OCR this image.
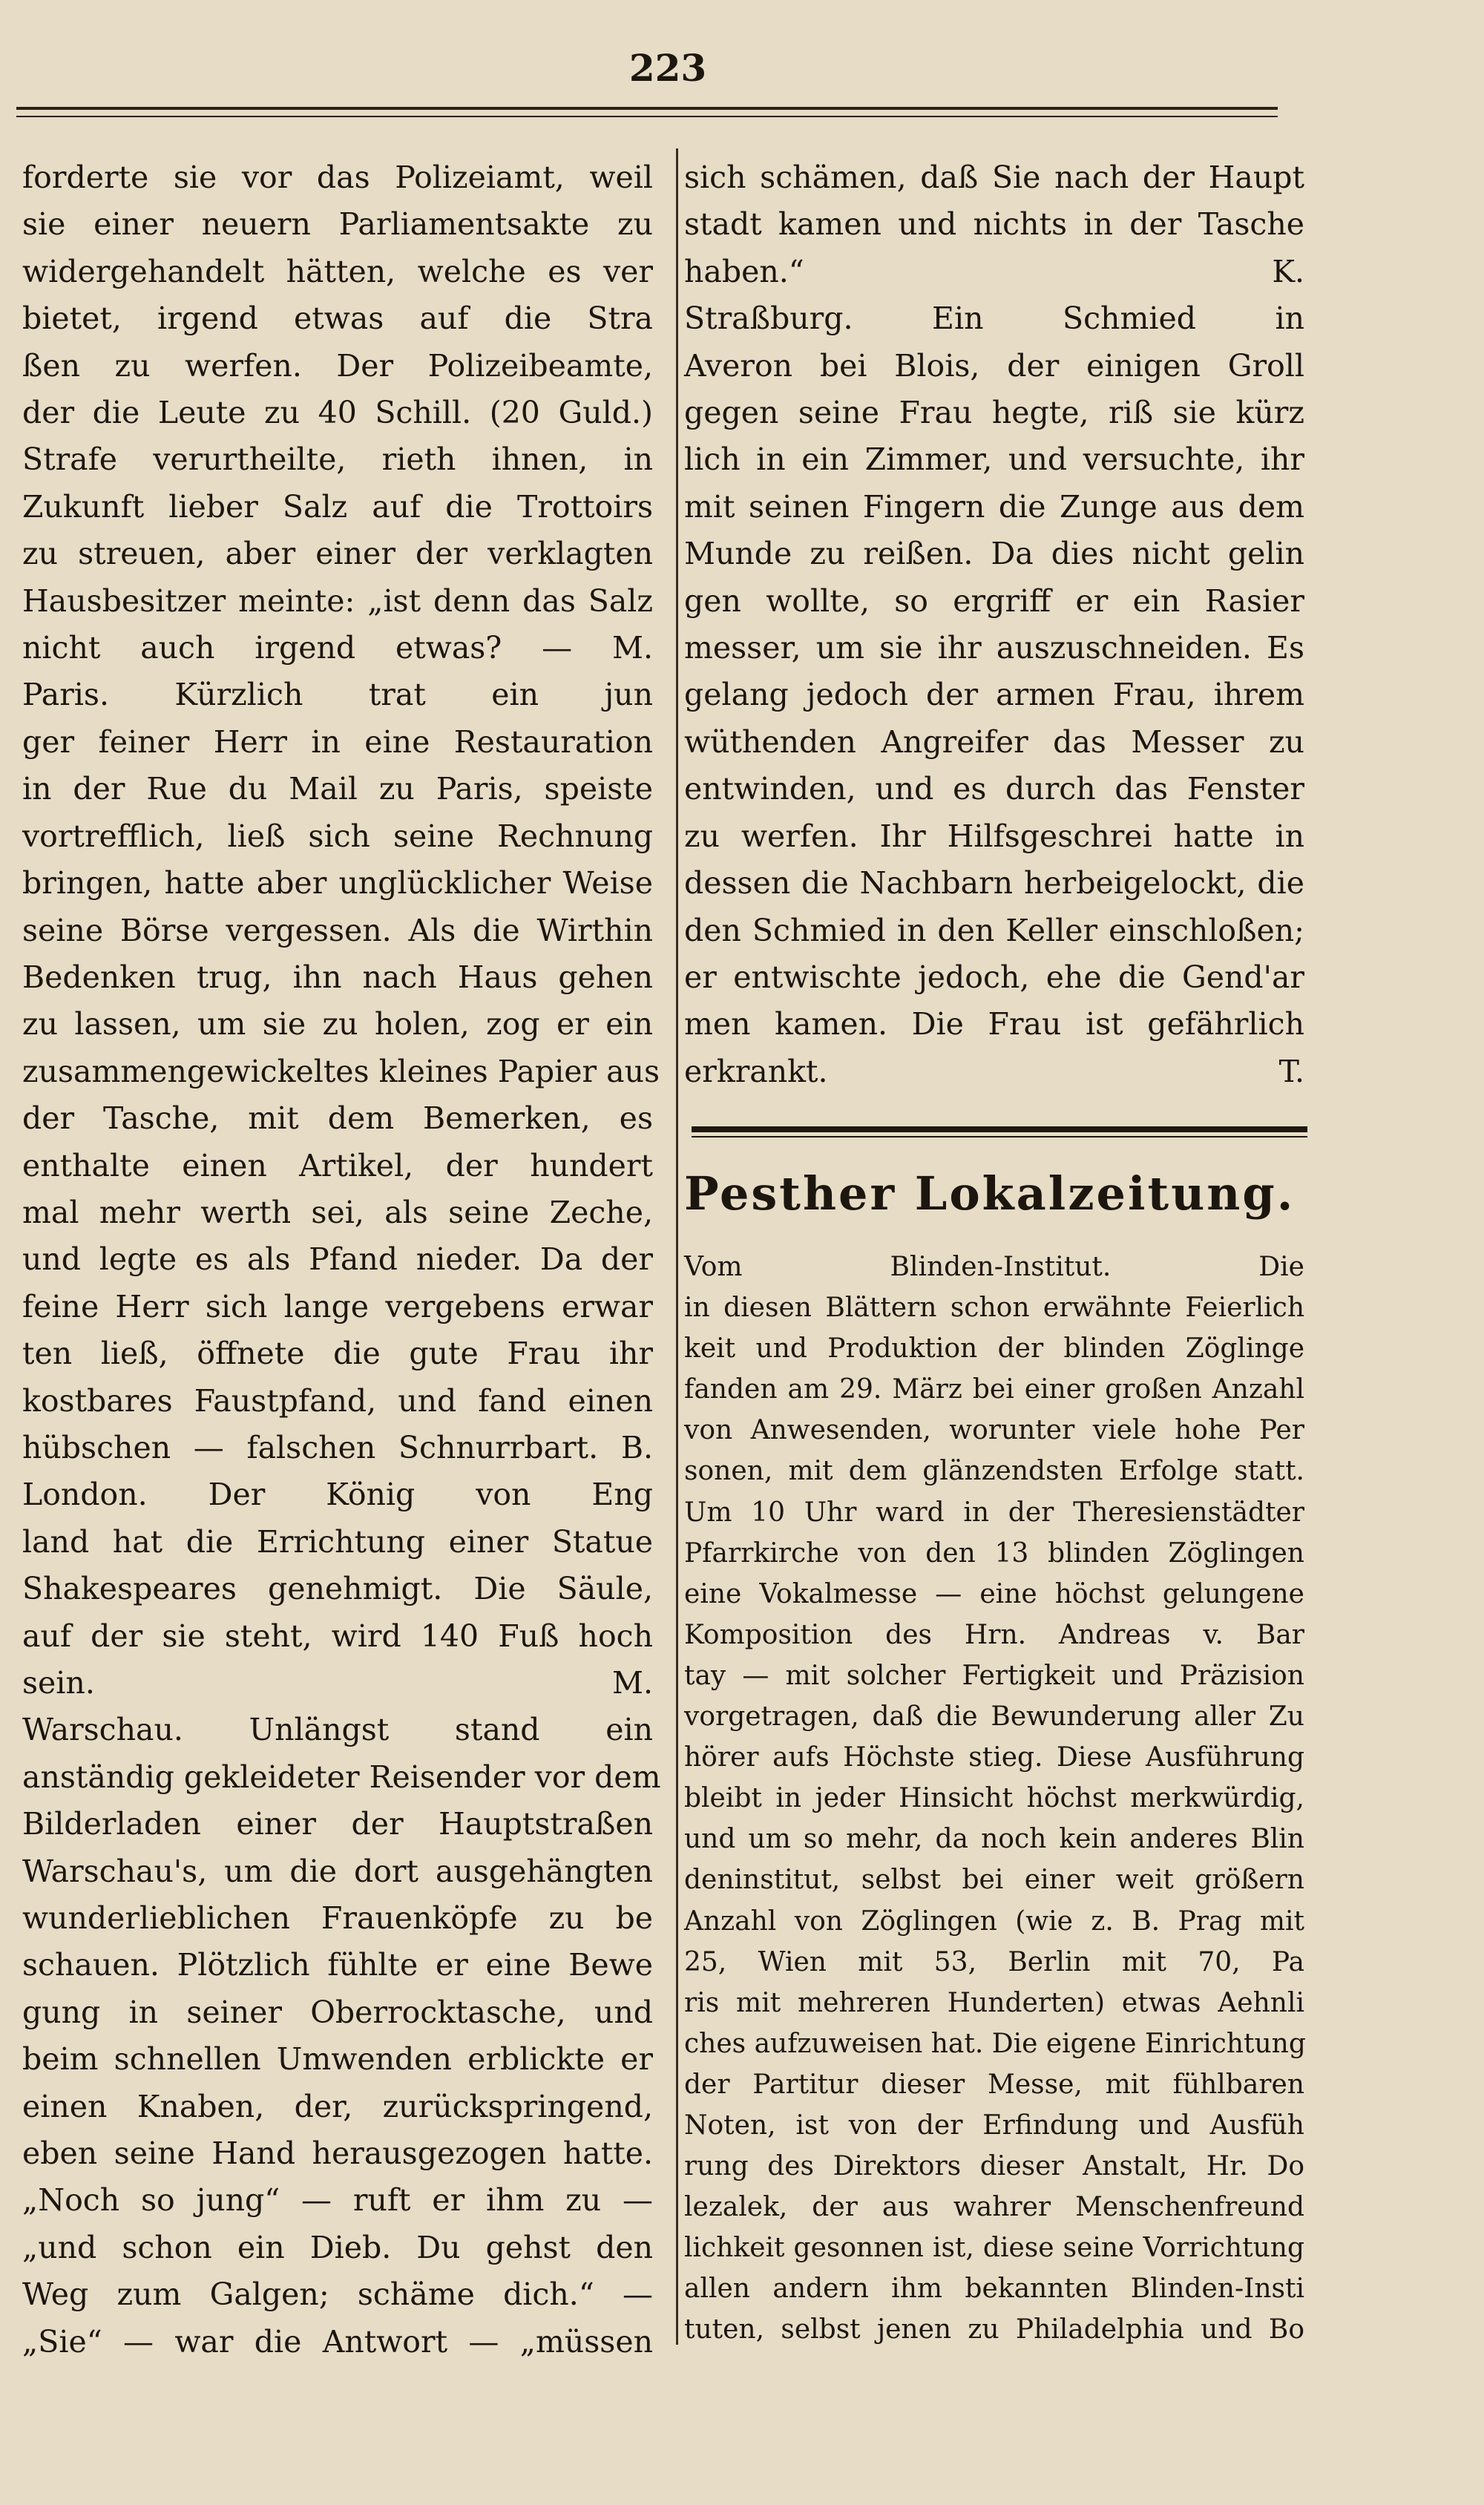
223
forderte sie vor das Polizeiamt, weil
sie einer neuern Parliamentsakte zu
widergehandelt hätten, welche es ver
bietet, irgend etwas auf die Stra
ßen zu werfen. Der Polizeibeamte,
der die Leute zu 40 Schill. (20 Guld.)
Strafe verurtheilte, rieth ihnen, in
Zukunft lieber Salz auf die Trottoirs
zu streuen, aber einer der verklagten
Hausbesitzer meinte: „ist denn das Salz
nicht auch irgend etwas? — M.
Paris. Kürzlich trat ein jun
ger feiner Herr in eine Restauration
in der Rue du Mail zu Paris, speiste
vortrefflich, ließ sich seine Rechnung
bringen, hatte aber unglücklicher Weise
seine Börse vergessen. Als die Wirthin
Bedenken trug, ihn nach Haus gehen
zu lassen, um sie zu holen, zog er ein
zusammengewickeltes kleines Papier aus
der Tasche, mit dem Bemerken, es
enthalte einen Artikel, der hundert
mal mehr werth sei, als seine Zeche,
und legte es als Pfand nieder. Da der
feine Herr sich lange vergebens erwar
ten ließ, öffnete die gute Frau ihr
kostbares Faustpfand, und fand einen
hübschen — falschen Schnurrbart. B.
London. Der König von Eng
land hat die Errichtung einer Statue
Shakespeares genehmigt. Die Säule,
auf der sie steht, wird 140 Fuß hoch
sein. M.
Warschau. Unlängst stand ein
anständig gekleideter Reisender vor dem
Bilderladen einer der Hauptstraßen
Warschau's, um die dort ausgehängten
wunderlieblichen Frauenköpfe zu be
schauen. Plötzlich fühlte er eine Bewe
gung in seiner Oberrocktasche, und
beim schnellen Umwenden erblickte er
einen Knaben, der, zurückspringend,
eben seine Hand herausgezogen hatte.
„Noch so jung“ — ruft er ihm zu —
„und schon ein Dieb. Du gehst den
Weg zum Galgen; schäme dich.“ —
„Sie“ — war die Antwort — „müssen
sich schämen, daß Sie nach der Haupt
stadt kamen und nichts in der Tasche
haben.“ K.
Straßburg. Ein Schmied in
Averon bei Blois, der einigen Groll
gegen seine Frau hegte, riß sie kürz
lich in ein Zimmer, und versuchte, ihr
mit seinen Fingern die Zunge aus dem
Munde zu reißen. Da dies nicht gelin
gen wollte, so ergriff er ein Rasier
messer, um sie ihr auszuschneiden. Es
gelang jedoch der armen Frau, ihrem
wüthenden Angreifer das Messer zu
entwinden, und es durch das Fenster
zu werfen. Ihr Hilfsgeschrei hatte in
dessen die Nachbarn herbeigelockt, die
den Schmied in den Keller einschloßen;
er entwischte jedoch, ehe die Gend'ar
men kamen. Die Frau ist gefährlich
erkrankt. T.
Pesther Lokalzeitung.
Vom Blinden-Institut. Die
in diesen Blättern schon erwähnte Feierlich
keit und Produktion der blinden Zöglinge
fanden am 29. März bei einer großen Anzahl
von Anwesenden, worunter viele hohe Per
sonen, mit dem glänzendsten Erfolge statt.
Um 10 Uhr ward in der Theresienstädter
Pfarrkirche von den 13 blinden Zöglingen
eine Vokalmesse — eine höchst gelungene
Komposition des Hrn. Andreas v. Bar
tay — mit solcher Fertigkeit und Präzision
vorgetragen, daß die Bewunderung aller Zu
hörer aufs Höchste stieg. Diese Ausführung
bleibt in jeder Hinsicht höchst merkwürdig,
und um so mehr, da noch kein anderes Blin
deninstitut, selbst bei einer weit größern
Anzahl von Zöglingen (wie z. B. Prag mit
25, Wien mit 53, Berlin mit 70, Pa
ris mit mehreren Hunderten) etwas Aehnli
ches aufzuweisen hat. Die eigene Einrichtung
der Partitur dieser Messe, mit fühlbaren
Noten, ist von der Erfindung und Ausfüh
rung des Direktors dieser Anstalt, Hr. Do
lezalek, der aus wahrer Menschenfreund
lichkeit gesonnen ist, diese seine Vorrichtung
allen andern ihm bekannten Blinden-Insti
tuten, selbst jenen zu Philadelphia und Bo
